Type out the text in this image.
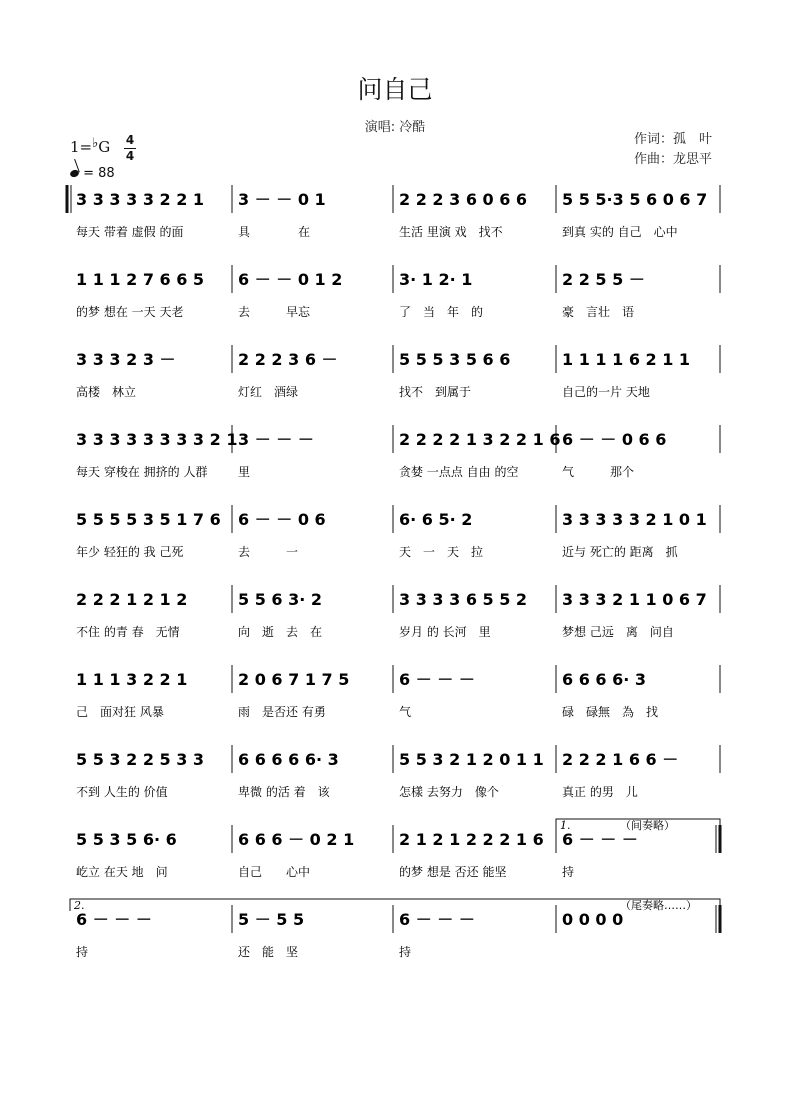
问自己
演唱: 冷酷
作词：孤　叶
作曲：龙思平
1=♭G 4
4
= 88
3 3 3 3 3 2 2 1
每天 带着 虚假 的面
3 － － 0 1
具　　　　在
2 2 2 3 6 0 6 6
生活 里演 戏　找不
5 5 5·3 5 6 0 6 7
到真 实的 自己　心中
1 1 1 2 7 6 6 5
的梦 想在 一天 天老
6 － － 0 1 2
去　　　早忘
3· 1 2· 1
了　当　年　的
2 2 5 5 －
豪　言壮　语
3 3 3 2 3 －
高楼　林立
2 2 2 3 6 －
灯红　酒绿
5 5 5 3 5 6 6
找不　到属于
1 1 1 1 6 2 1 1
自己的一片 天地
3 3 3 3 3 3 3 3 2 1
每天 穿梭在 拥挤的 人群
3 － － －
里
2 2 2 2 1 3 2 2 1 6
贪婪 一点点 自由 的空
6 － － 0 6 6
气　　　那个
5 5 5 5 3 5 1 7 6
年少 轻狂的 我 己死
6 － － 0 6
去　　　一
6· 6 5· 2
天　一　天　拉
3 3 3 3 3 2 1 0 1
近与 死亡的 距离　抓
2 2 2 1 2 1 2
不住 的青 春　无情
5 5 6 3· 2
向　逝　去　在
3 3 3 3 6 5 5 2
岁月 的 长河　里
3 3 3 2 1 1 0 6 7
梦想 己远　离　问自
1 1 1 3 2 2 1
己　面对狂 风暴
2 0 6 7 1 7 5
雨　是否还 有勇
6 － － －
气
6 6 6 6· 3
碌　碌無　為　找
5 5 3 2 2 5 3 3
不到 人生的 价值
6 6 6 6 6· 3
卑微 的活 着　该
5 5 3 2 1 2 0 1 1
怎樣 去努力　像个
2 2 2 1 6 6 －
真正 的男　儿
5 5 3 5 6· 6
屹立 在天 地　问
6 6 6 － 0 2 1
自己　　心中
2 1 2 1 2 2 2 1 6
的梦 想是 否还 能坚
6 － － －
持
1.	（间奏略）
6 － － －
持
5 － 5 5
还　能　坚
6 － － －
持
0 0 0 0
2.	（尾奏略……）
